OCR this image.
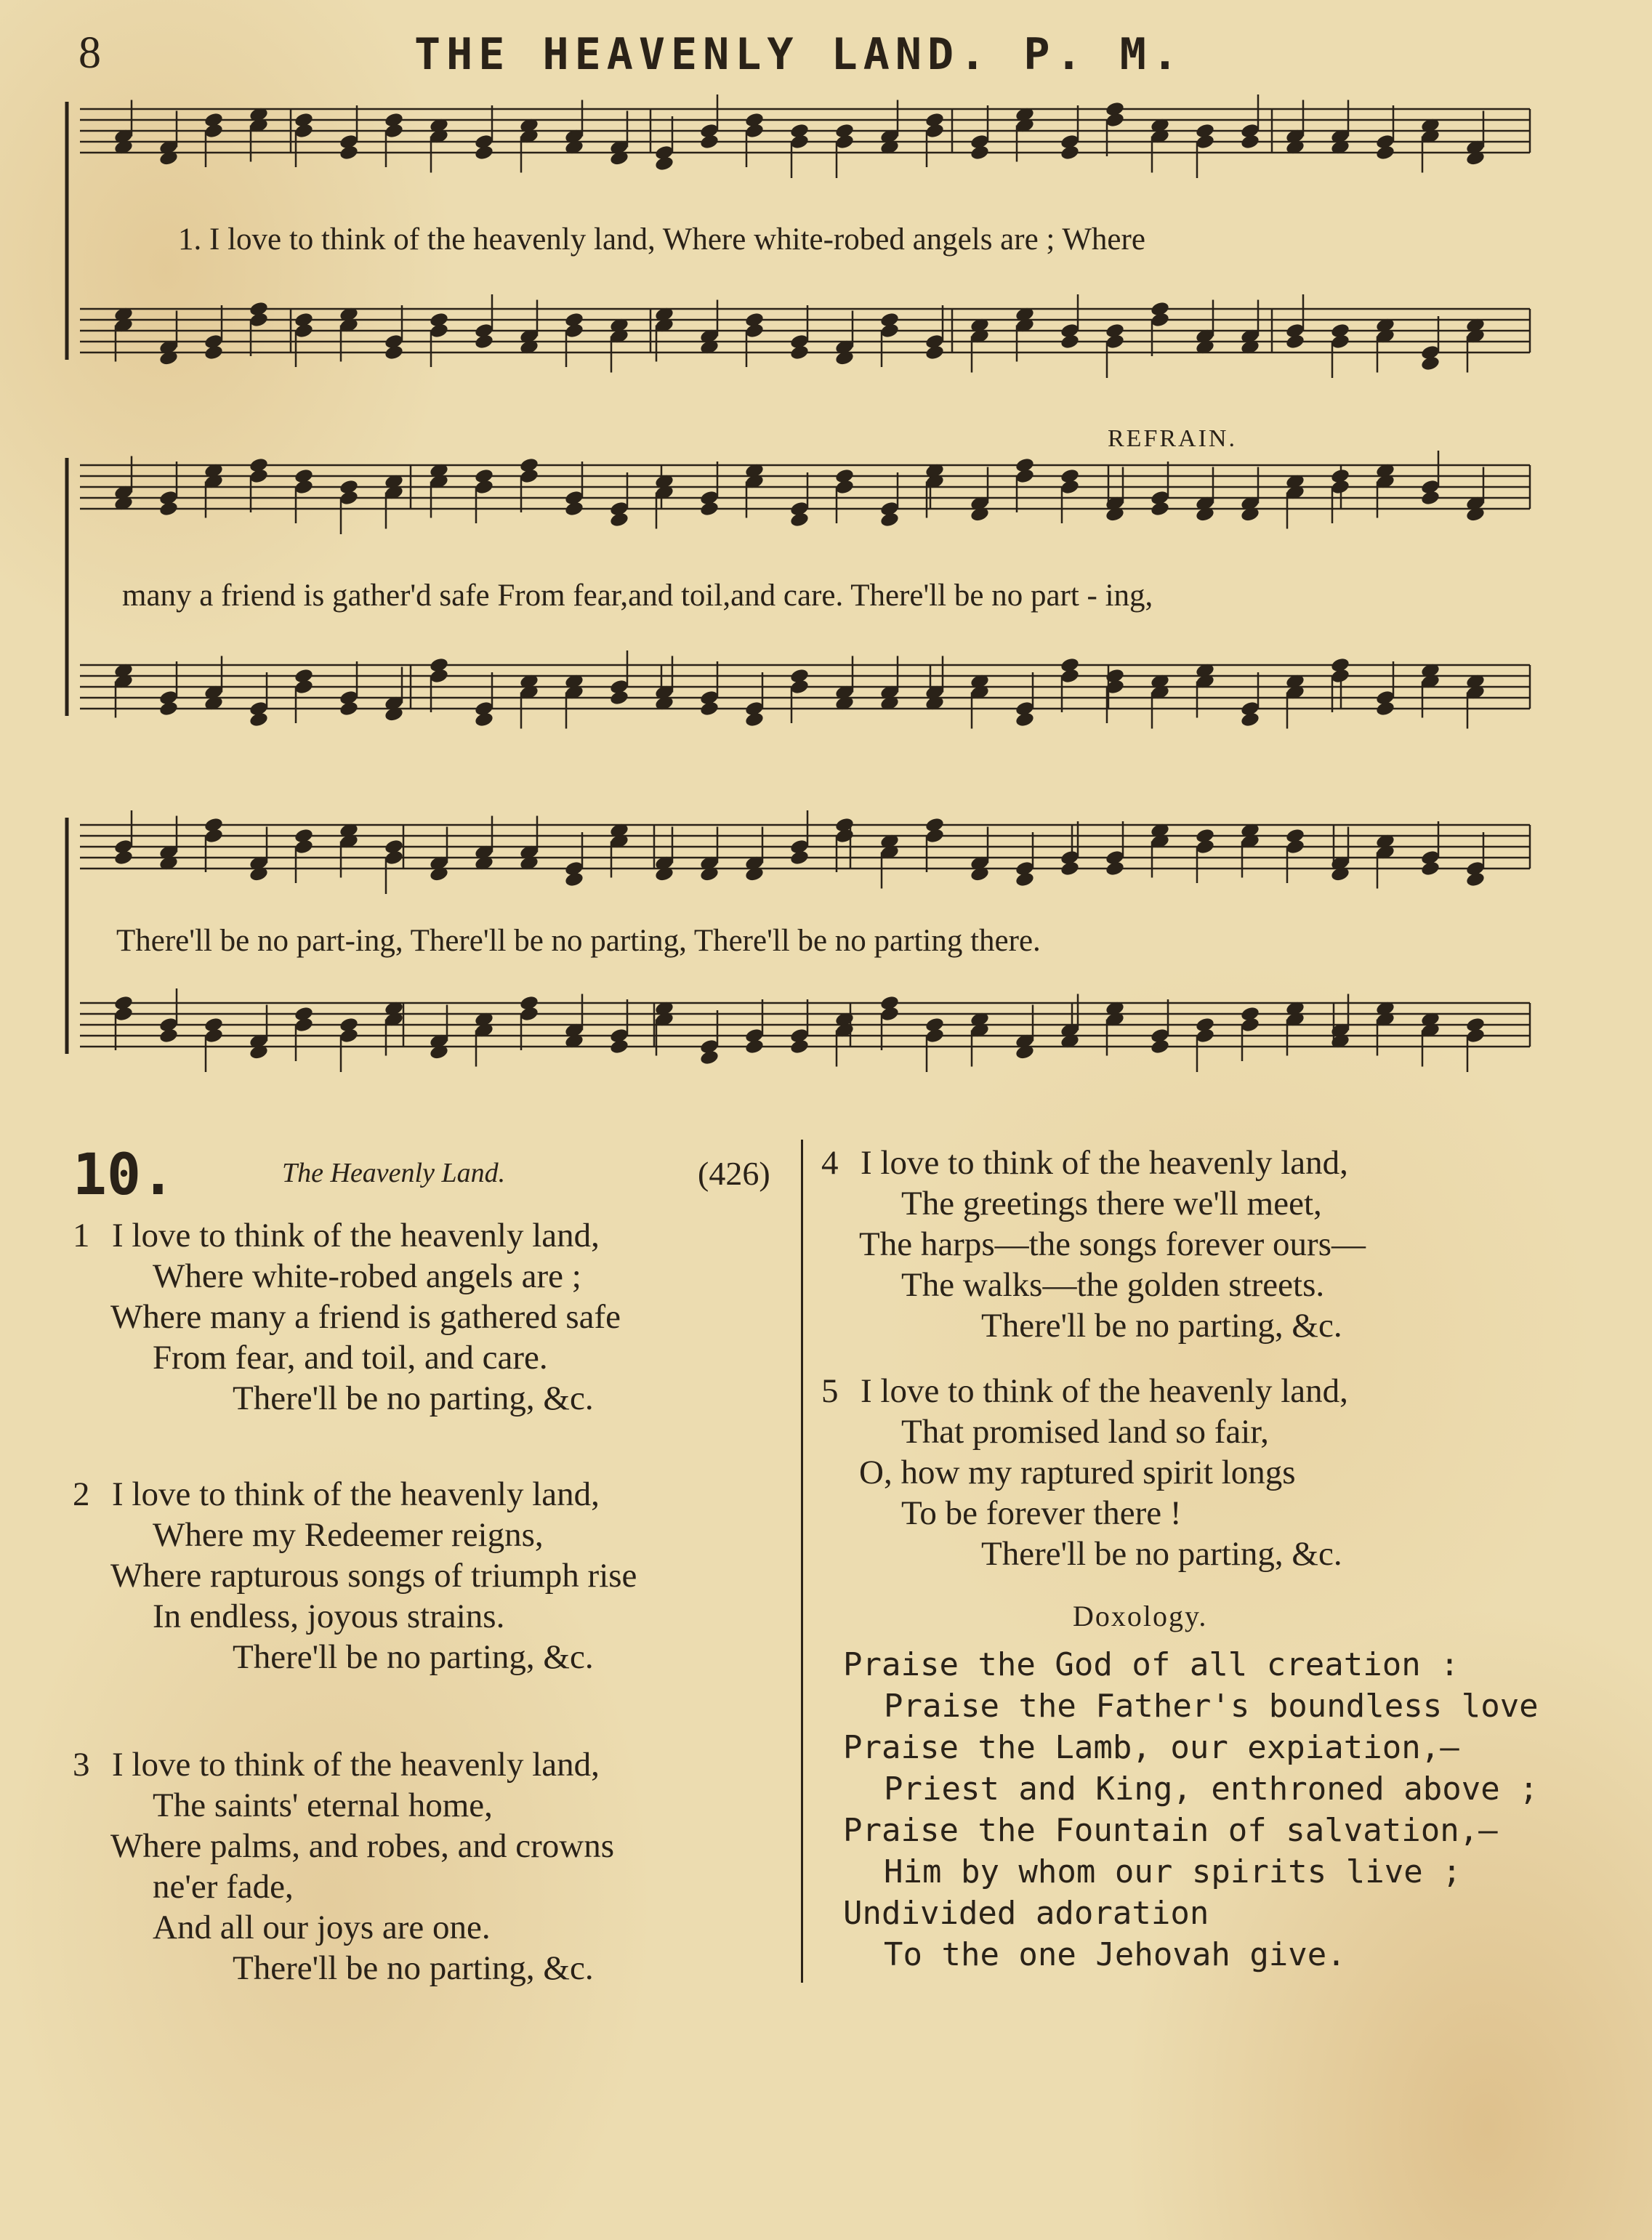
8	THE HEAVENLY LAND. P. M.
REFRAIN.
1. I love to think of the heavenly land, Where white-robed angels are ; Where
many a friend is gather'd safe From fear,and toil,and care. There'll be no part - ing,
There'll be no part-ing, There'll be no parting, There'll be no parting there.
10.	The Heavenly Land.	(426)
1 I love to think of the heavenly land,
Where white-robed angels are ;
Where many a friend is gathered safe
From fear, and toil, and care.
There'll be no parting, &c.
2 I love to think of the heavenly land,
Where my Redeemer reigns,
Where rapturous songs of triumph rise
In endless, joyous strains.
There'll be no parting, &c.
3 I love to think of the heavenly land,
The saints' eternal home,
Where palms, and robes, and crowns
ne'er fade,
And all our joys are one.
There'll be no parting, &c.
4 I love to think of the heavenly land,
The greetings there we'll meet,
The harps—the songs forever ours—
The walks—the golden streets.
There'll be no parting, &c.
5 I love to think of the heavenly land,
That promised land so fair,
O, how my raptured spirit longs
To be forever there !
There'll be no parting, &c.
Doxology.
Praise the God of all creation :
Praise the Father's boundless love
Praise the Lamb, our expiation,—
Priest and King, enthroned above ;
Praise the Fountain of salvation,—
Him by whom our spirits live ;
Undivided adoration
To the one Jehovah give.
